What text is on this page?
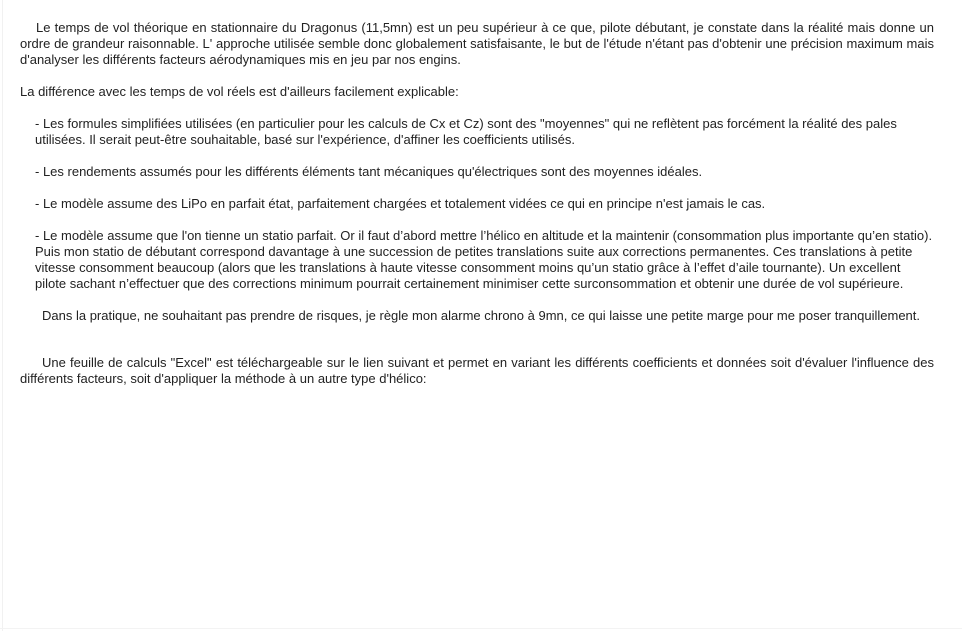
Le temps de vol théorique en stationnaire du Dragonus (11,5mn) est un peu supérieur à ce que, pilote débutant, je constate dans la réalité mais donne un ordre de grandeur raisonnable. L' approche utilisée semble donc globalement satisfaisante, le but de l'étude n'étant pas d'obtenir une précision maximum mais d'analyser les différents facteurs aérodynamiques mis en jeu par nos engins.

La différence avec les temps de vol réels est d'ailleurs facilement explicable:

- Les formules simplifiées utilisées (en particulier pour les calculs de Cx et Cz) sont des "moyennes" qui ne reflètent pas forcément la réalité des pales utilisées. Il serait peut-être souhaitable, basé sur l'expérience, d'affiner les coefficients utilisés.

- Les rendements assumés pour les différents éléments tant mécaniques qu'électriques sont des moyennes idéales.

- Le modèle assume des LiPo en parfait état, parfaitement chargées et totalement vidées ce qui en principe n'est jamais le cas.

- Le modèle assume que l'on tienne un statio parfait. Or il faut d’abord mettre l’hélico en altitude et la maintenir (consommation plus importante qu’en statio). Puis mon statio de débutant correspond davantage à une succession de petites translations suite aux corrections permanentes. Ces translations à petite vitesse consomment beaucoup (alors que les translations à haute vitesse consomment moins qu’un statio grâce à l’effet d’aile tournante). Un excellent pilote sachant n’effectuer que des corrections minimum pourrait certainement minimiser cette surconsommation et obtenir une durée de vol supérieure.

Dans la pratique, ne souhaitant pas prendre de risques, je règle mon alarme chrono à 9mn, ce qui laisse une petite marge pour me poser tranquillement.

Une feuille de calculs "Excel" est téléchargeable sur le lien suivant et permet en variant les différents coefficients et données soit d'évaluer l'influence des différents facteurs, soit d'appliquer la méthode à un autre type d'hélico:
